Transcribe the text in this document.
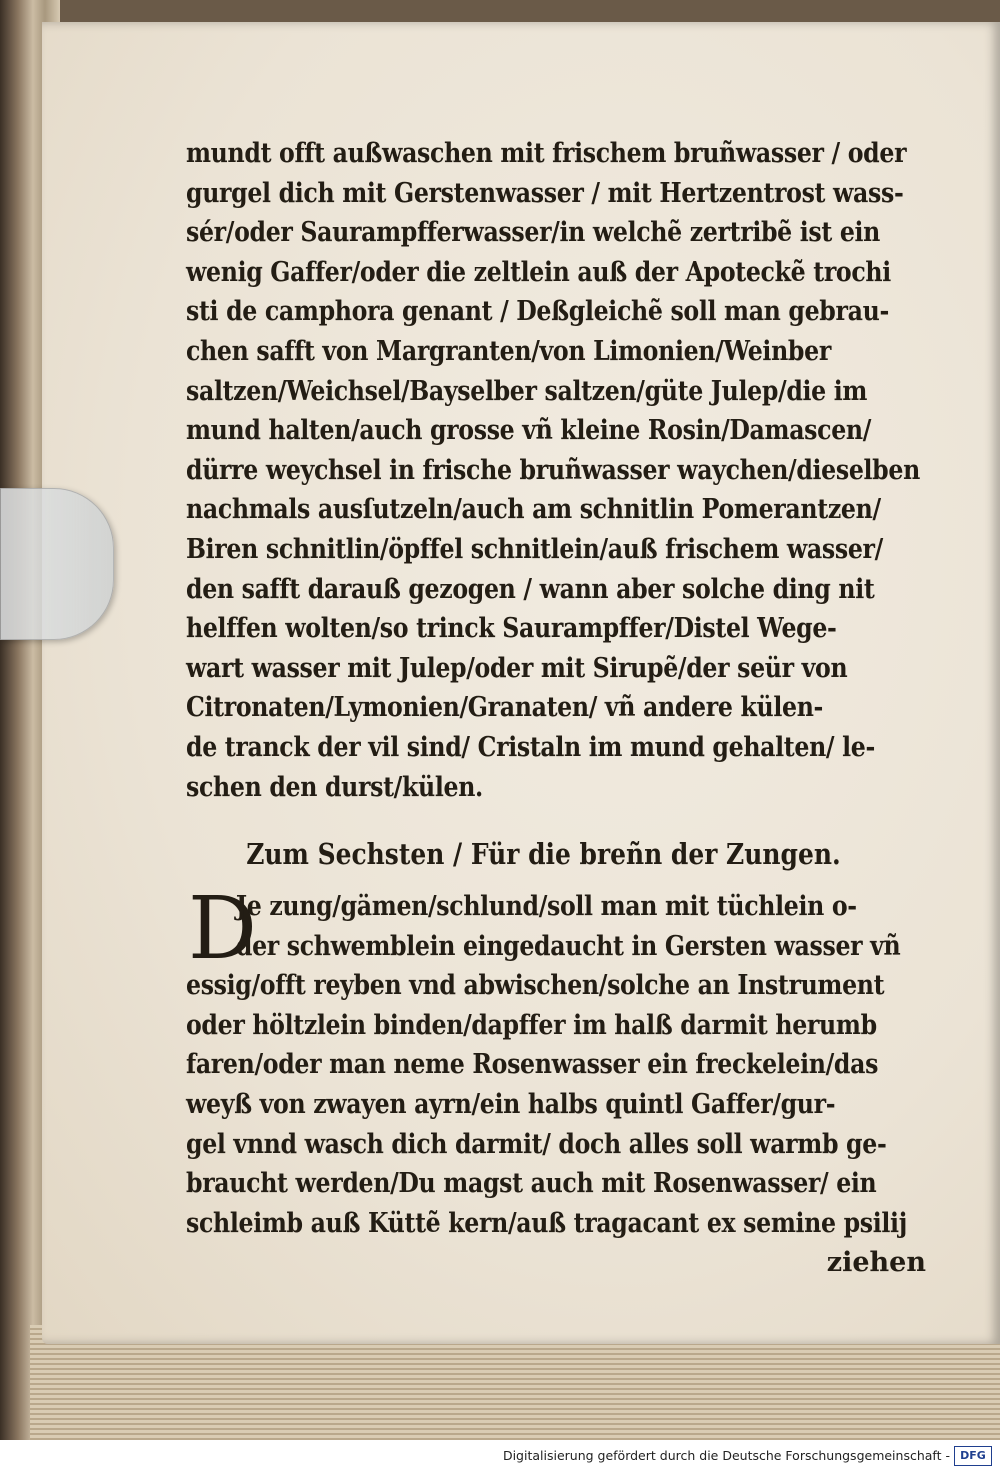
mundt offt außwaschen mit frischem bruñwasser / oder
gurgel dich mit Gerstenwasser / mit Hertzentrost wass-
sér/oder Saurampfferwasser/in welchẽ zertribẽ ist ein
wenig Gaffer/oder die zeltlein auß der Apoteckẽ trochi
sti de camphora genant / Deßgleichẽ soll man gebrau-
chen safft von Margranten/von Limonien/Weinber
saltzen/Weichsel/Bayselber saltzen/güte Julep/die im
mund halten/auch grosse vñ kleine Rosin/Damascen/
dürre weychsel in frische bruñwasser waychen/dieselben
nachmals ausſutzeln/auch am schnitlin Pomerantzen/
Biren schnitlin/öpffel schnitlein/auß frischem wasser/
den safft darauß gezogen / wann aber solche ding nit
helffen wolten/so trinck Saurampffer/Distel Wege-
wart wasser mit Julep/oder mit Sirupẽ/der seür von
Citronaten/Lymonien/Granaten/ vñ andere külen-
de tranck der vil sind/ Cristaln im mund gehalten/ le-
schen den durst/külen.
Zum Sechsten / Für die breñn der Zungen.
D
Je zung/gämen/schlund/soll man mit tüchlein o-
der schwemblein eingedaucht in Gersten wasser vñ
essig/offt reyben vnd abwischen/solche an Instrument
oder höltzlein binden/dapffer im halß darmit herumb
faren/oder man neme Rosenwasser ein freckelein/das
weyß von zwayen ayrn/ein halbs quintl Gaffer/gur-
gel vnnd wasch dich darmit/ doch alles soll warmb ge-
braucht werden/Du magst auch mit Rosenwasser/ ein
schleimb auß Küttẽ kern/auß tragacant ex semine psilij
ziehen
Digitalisierung gefördert durch die Deutsche Forschungsgemeinschaft - DFG
